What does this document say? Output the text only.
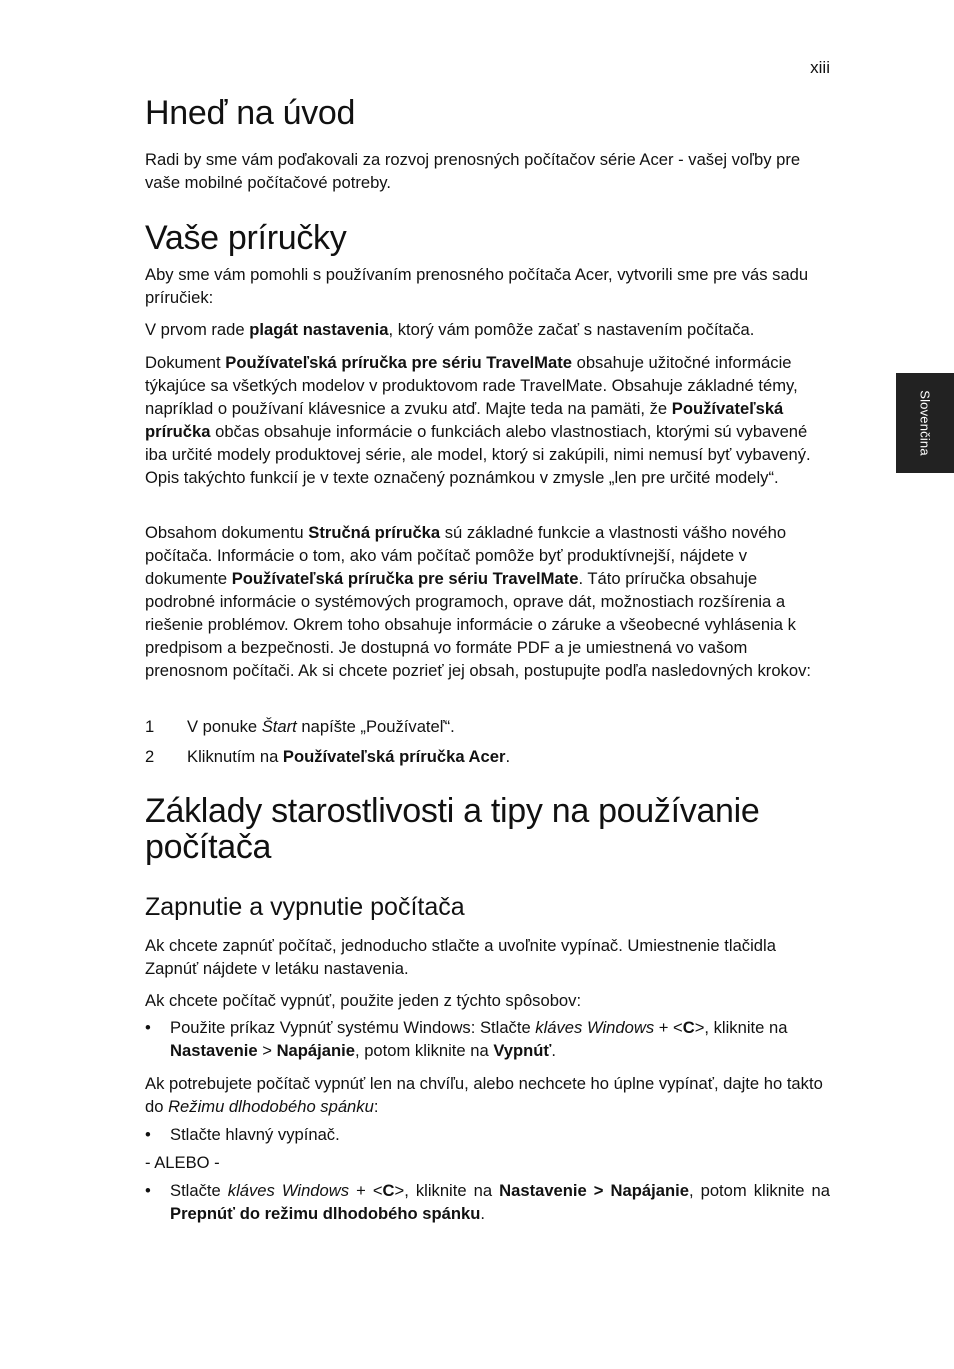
xiii
Slovenčina
Hneď na úvod

Radi by sme vám poďakovali za rozvoj prenosných počítačov série Acer - vašej voľby pre vaše mobilné počítačové potreby.

Vaše príručky

Aby sme vám pomohli s používaním prenosného počítača Acer, vytvorili sme pre vás sadu príručiek:

V prvom rade plagát nastavenia, ktorý vám pomôže začať s nastavením počítača.

Dokument Používateľská príručka pre sériu TravelMate obsahuje užitočné informácie týkajúce sa všetkých modelov v produktovom rade TravelMate. Obsahuje základné témy, napríklad o používaní klávesnice a zvuku atď. Majte teda na pamäti, že Používateľská príručka občas obsahuje informácie o funkciách alebo vlastnostiach, ktorými sú vybavené iba určité modely produktovej série, ale model, ktorý si zakúpili, nimi nemusí byť vybavený. Opis takýchto funkcií je v texte označený poznámkou v zmysle „len pre určité modely“.

Obsahom dokumentu Stručná príručka sú základné funkcie a vlastnosti vášho nového počítača. Informácie o tom, ako vám počítač pomôže byť produktívnejší, nájdete v dokumente Používateľská príručka pre sériu TravelMate. Táto príručka obsahuje podrobné informácie o systémových programoch, oprave dát, možnostiach rozšírenia a riešenie problémov. Okrem toho obsahuje informácie o záruke a všeobecné vyhlásenia k predpisom a bezpečnosti. Je dostupná vo formáte PDF a je umiestnená vo vašom prenosnom počítači. Ak si chcete pozrieť jej obsah, postupujte podľa nasledovných krokov:

1	V ponuke Štart napíšte „Používateľ“.
2	Kliknutím na Používateľská príručka Acer.
Základy starostlivosti a tipy na používanie
počítača
Zapnutie a vypnutie počítača

Ak chcete zapnúť počítač, jednoducho stlačte a uvoľnite vypínač. Umiestnenie tlačidla Zapnúť nájdete v letáku nastavenia.

Ak chcete počítač vypnúť, použite jeden z týchto spôsobov:

•	Použite príkaz Vypnúť systému Windows: Stlačte kláves Windows + <C>, kliknite na Nastavenie > Napájanie, potom kliknite na Vypnúť.

Ak potrebujete počítač vypnúť len na chvíľu, alebo nechcete ho úplne vypínať, dajte ho takto do Režimu dlhodobého spánku:

•	Stlačte hlavný vypínač.

- ALEBO -

•	Stlačte kláves Windows + <C>, kliknite na Nastavenie > Napájanie, potom kliknite na Prepnúť do režimu dlhodobého spánku.
